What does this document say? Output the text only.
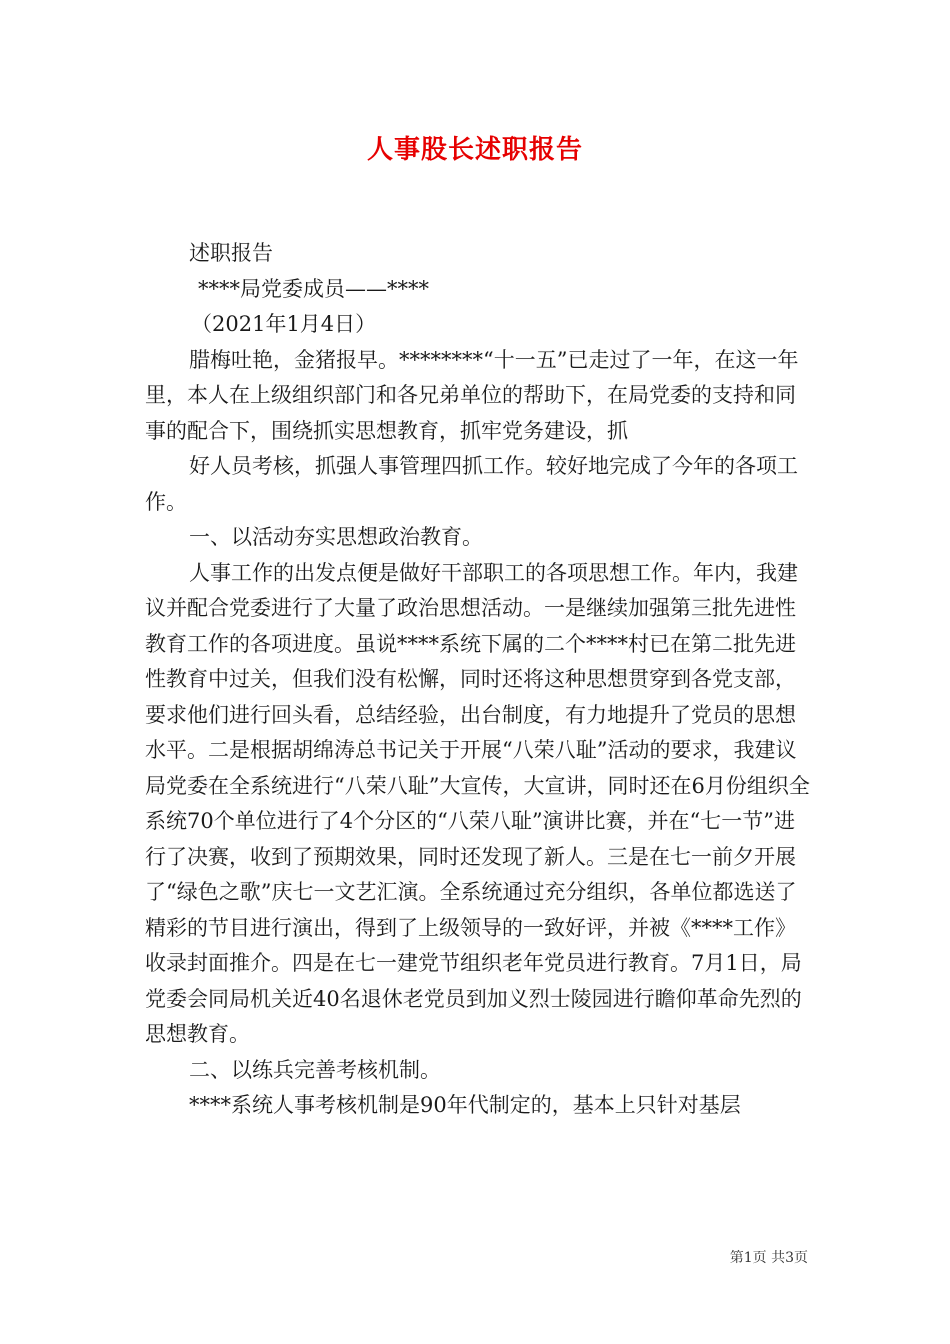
人事股长述职报告

述职报告

****局党委成员——****

（2021年1月4日）

腊梅吐艳，金猪报早。********“十一五”已走过了一年，在这一年里，本人在上级组织部门和各兄弟单位的帮助下，在局党委的支持和同事的配合下，围绕抓实思想教育，抓牢党务建设，抓

好人员考核，抓强人事管理四抓工作。较好地完成了今年的各项工作。

一、以活动夯实思想政治教育。

人事工作的出发点便是做好干部职工的各项思想工作。年内，我建议并配合党委进行了大量了政治思想活动。一是继续加强第三批先进性教育工作的各项进度。虽说****系统下属的二个****村已在第二批先进性教育中过关，但我们没有松懈，同时还将这种思想贯穿到各党支部，要求他们进行回头看，总结经验，出台制度，有力地提升了党员的思想水平。二是根据胡绵涛总书记关于开展“八荣八耻”活动的要求，我建议局党委在全系统进行“八荣八耻”大宣传，大宣讲，同时还在6月份组织全系统70个单位进行了4个分区的“八荣八耻”演讲比赛，并在“七一节”进行了决赛，收到了预期效果，同时还发现了新人。三是在七一前夕开展了“绿色之歌”庆七一文艺汇演。全系统通过充分组织，各单位都选送了精彩的节目进行演出，得到了上级领导的一致好评，并被《****工作》收录封面推介。四是在七一建党节组织老年党员进行教育。7月1日，局党委会同局机关近40名退休老党员到加义烈士陵园进行瞻仰革命先烈的思想教育。

二、以练兵完善考核机制。

****系统人事考核机制是90年代制定的，基本上只针对基层

第1页 共3页
